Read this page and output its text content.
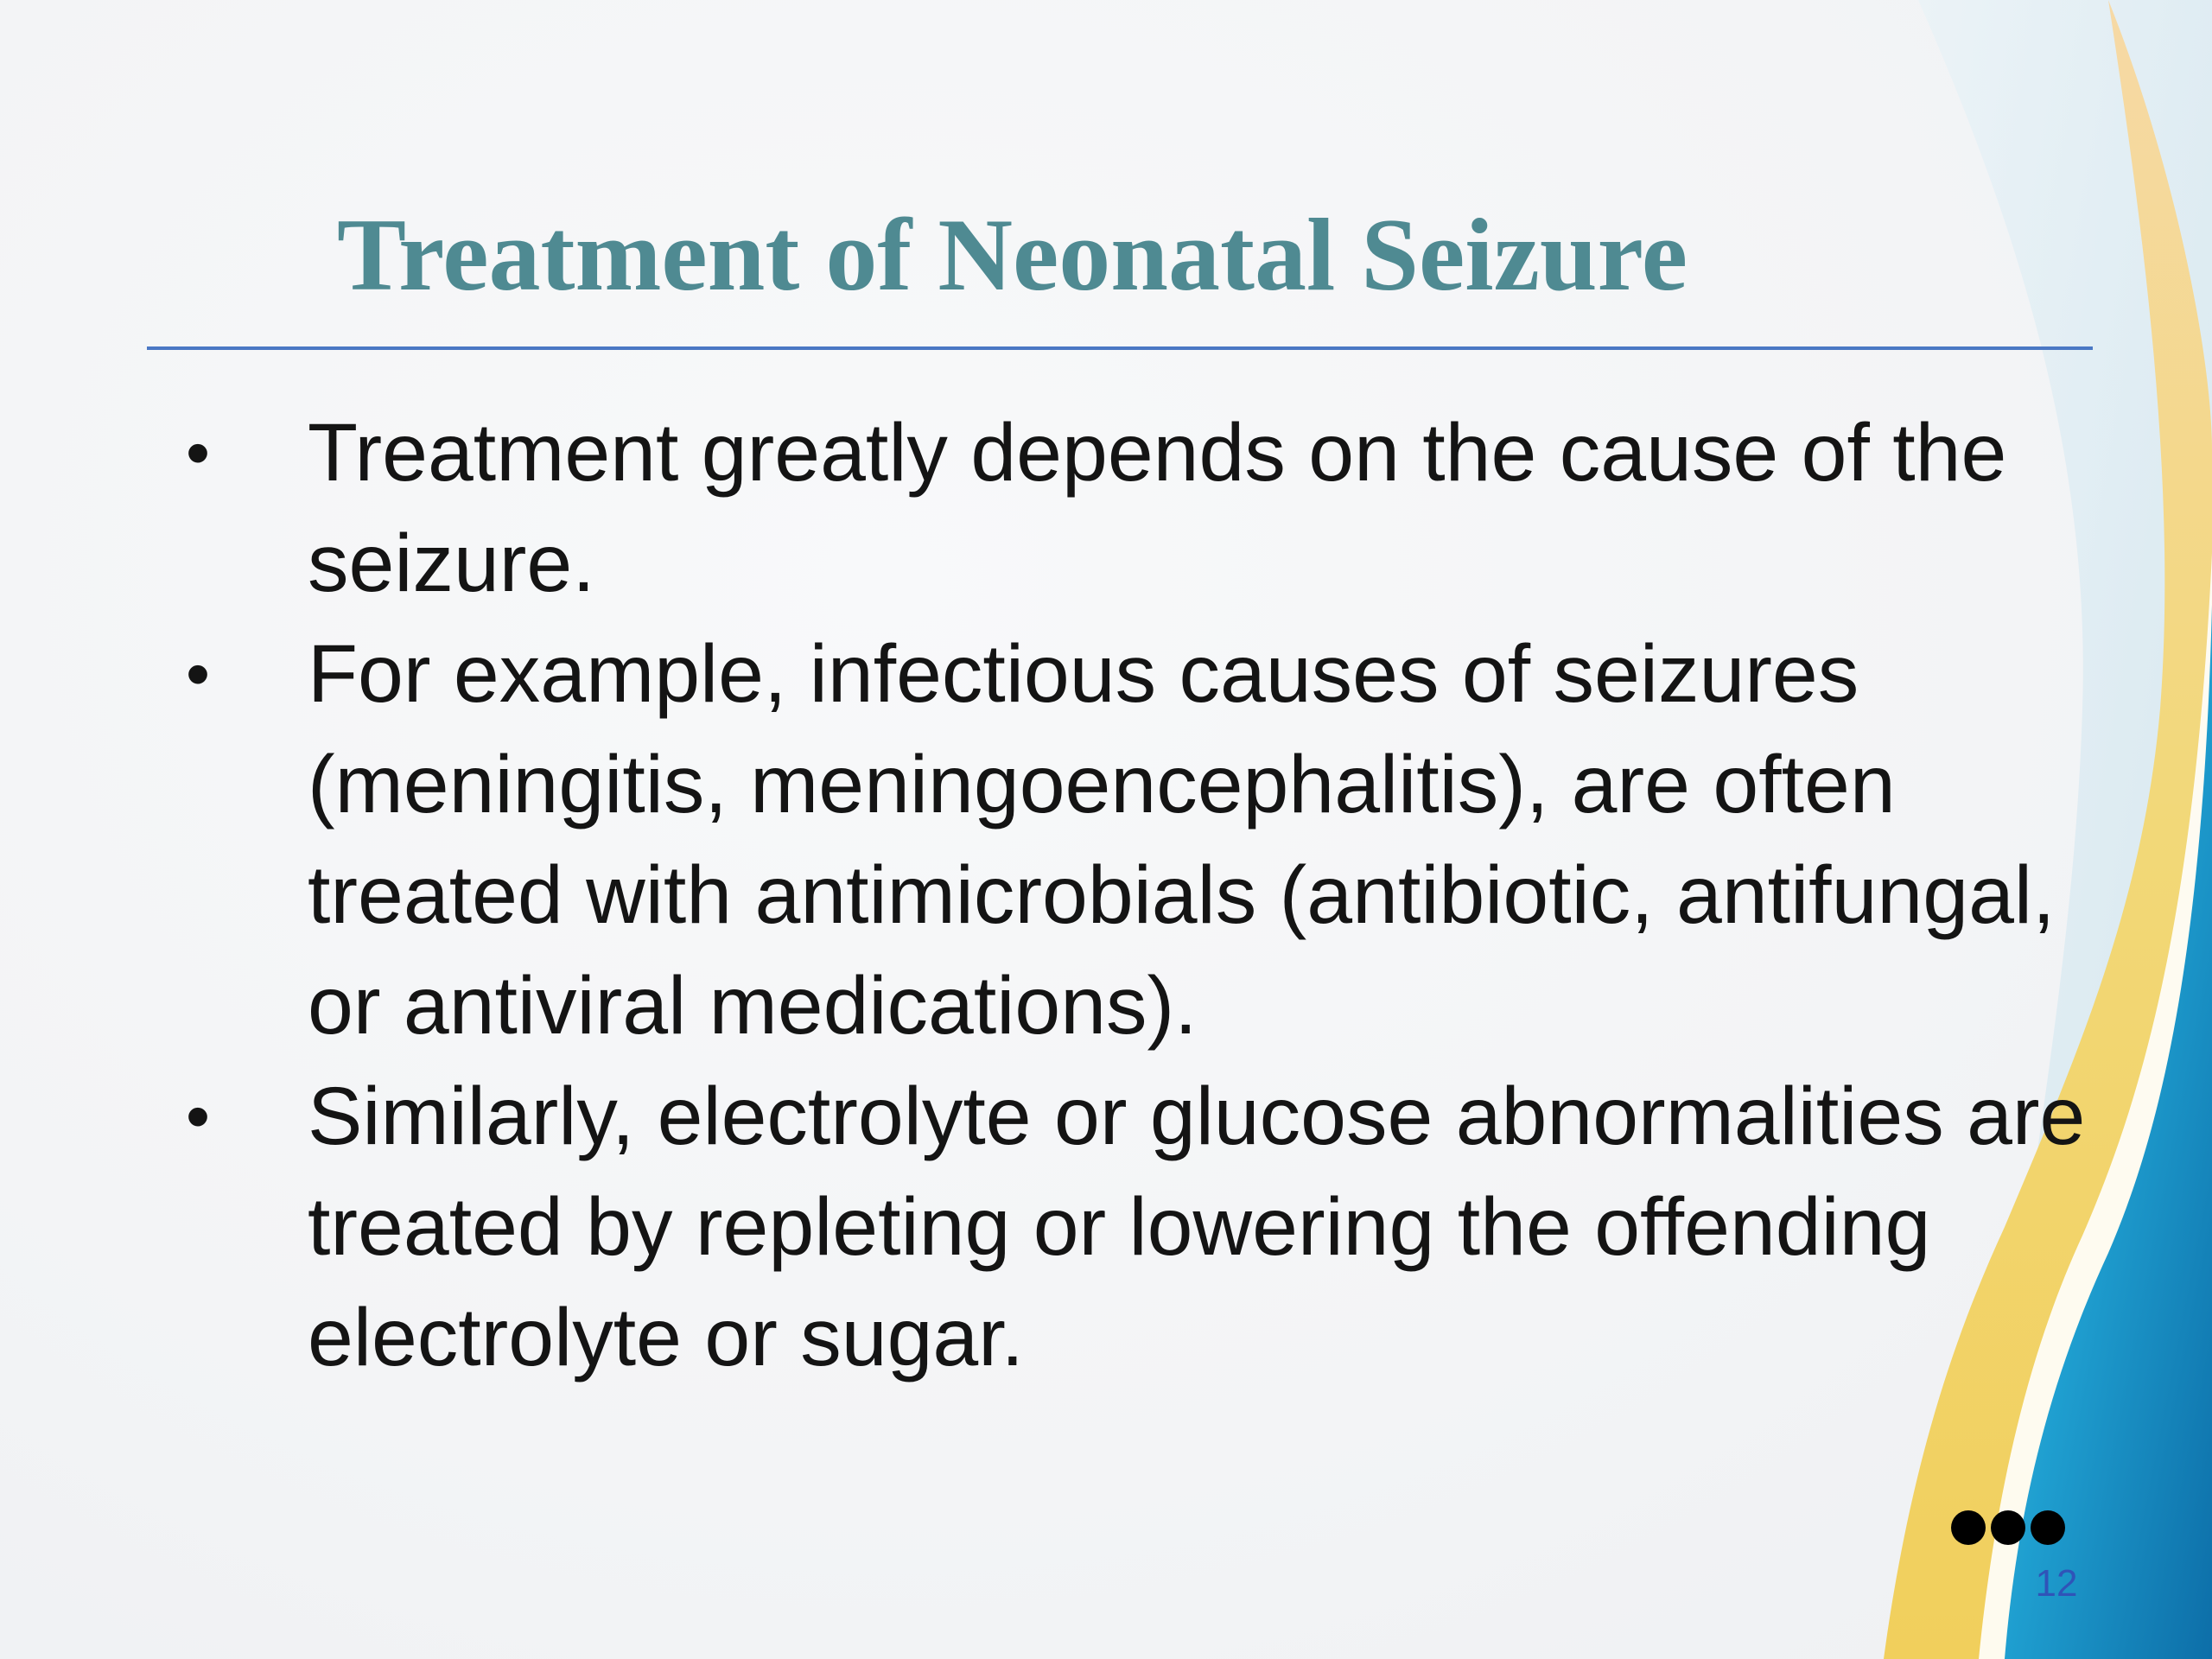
Treatment of Neonatal Seizure
•	Treatment greatly depends on the cause of the seizure.
•	For example, infectious causes of seizures (meningitis, meningoencephalitis), are often treated with antimicrobials (antibiotic, antifungal, or antiviral medications).
•	Similarly, electrolyte or glucose abnormalities are treated by repleting or lowering the offending electrolyte or sugar.
12
